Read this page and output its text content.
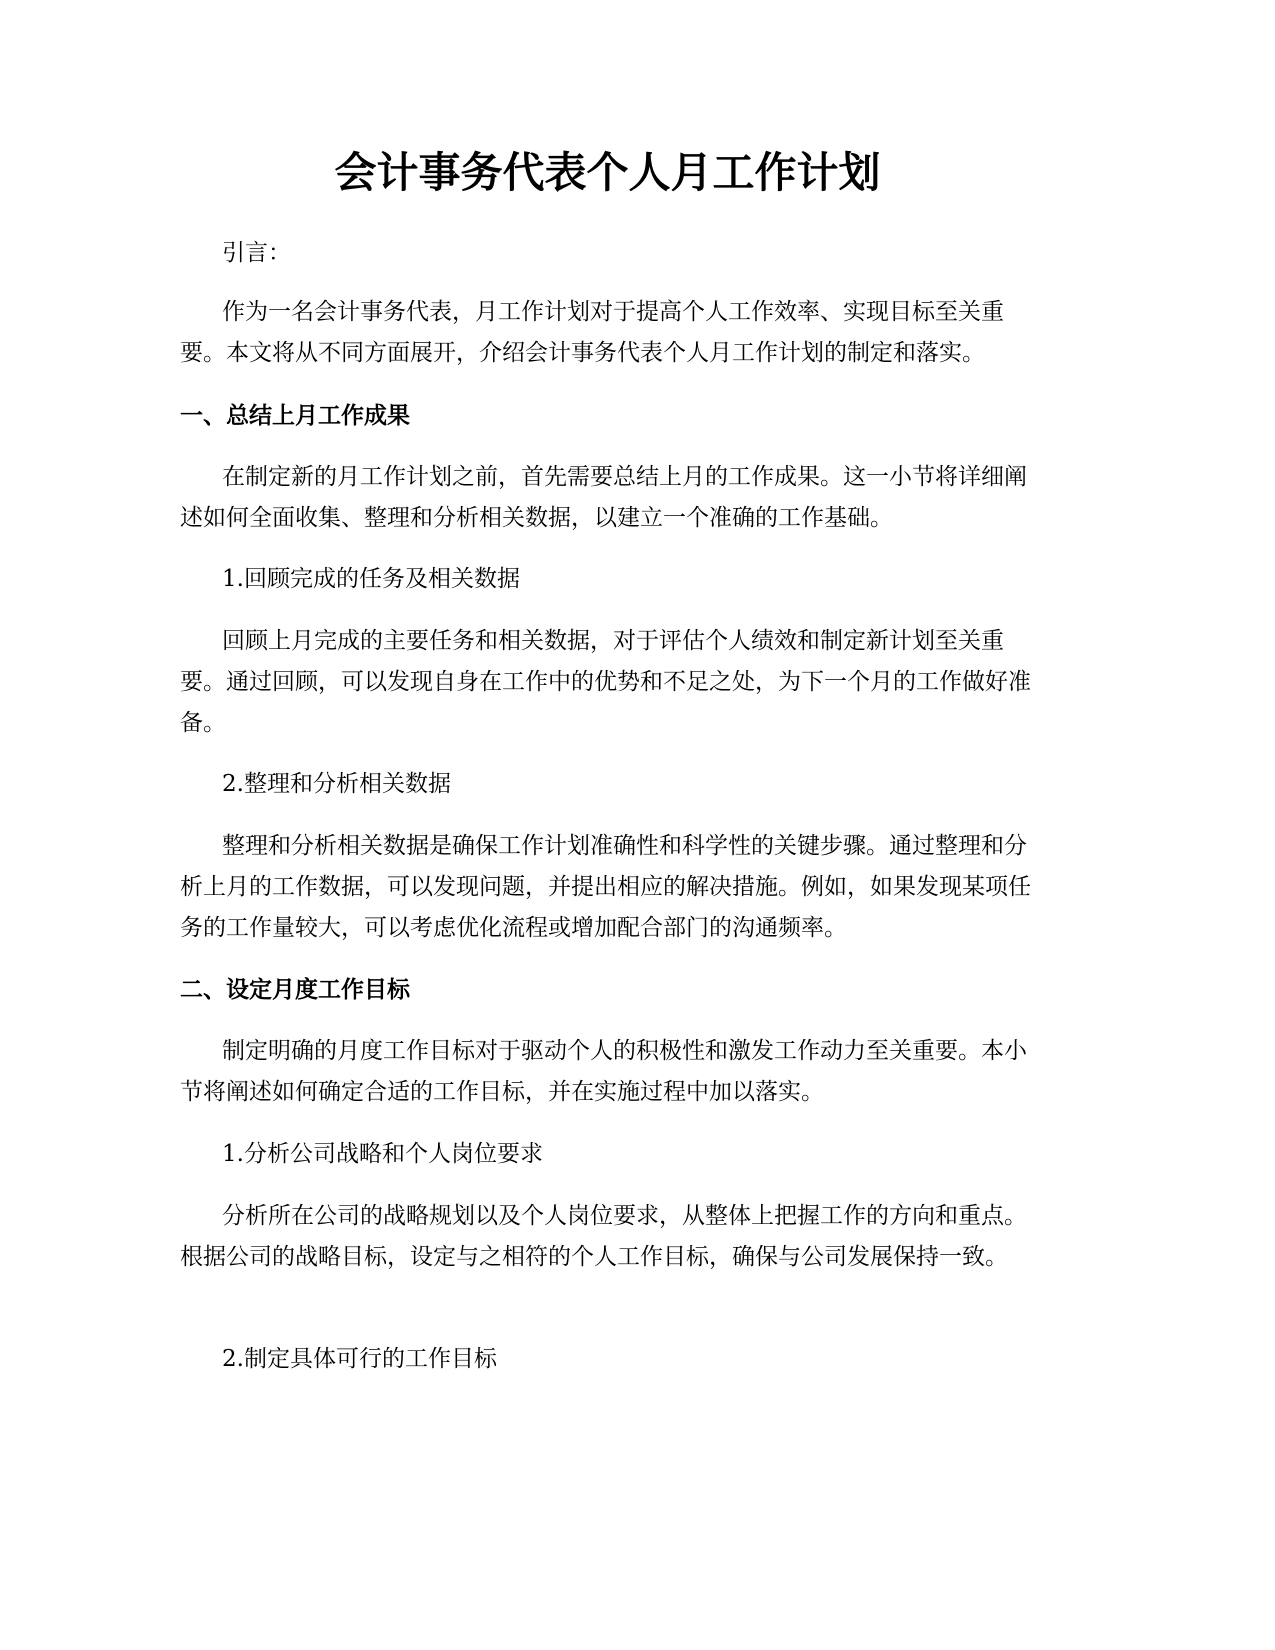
会计事务代表个人月工作计划

引言：

作为一名会计事务代表，月工作计划对于提高个人工作效率、实现目标至关重要。本文将从不同方面展开，介绍会计事务代表个人月工作计划的制定和落实。

一、总结上月工作成果

在制定新的月工作计划之前，首先需要总结上月的工作成果。这一小节将详细阐述如何全面收集、整理和分析相关数据，以建立一个准确的工作基础。

1.回顾完成的任务及相关数据

回顾上月完成的主要任务和相关数据，对于评估个人绩效和制定新计划至关重要。通过回顾，可以发现自身在工作中的优势和不足之处，为下一个月的工作做好准备。

2.整理和分析相关数据

整理和分析相关数据是确保工作计划准确性和科学性的关键步骤。通过整理和分析上月的工作数据，可以发现问题，并提出相应的解决措施。例如，如果发现某项任务的工作量较大，可以考虑优化流程或增加配合部门的沟通频率。

二、设定月度工作目标

制定明确的月度工作目标对于驱动个人的积极性和激发工作动力至关重要。本小节将阐述如何确定合适的工作目标，并在实施过程中加以落实。

1.分析公司战略和个人岗位要求

分析所在公司的战略规划以及个人岗位要求，从整体上把握工作的方向和重点。根据公司的战略目标，设定与之相符的个人工作目标，确保与公司发展保持一致。

2.制定具体可行的工作目标
